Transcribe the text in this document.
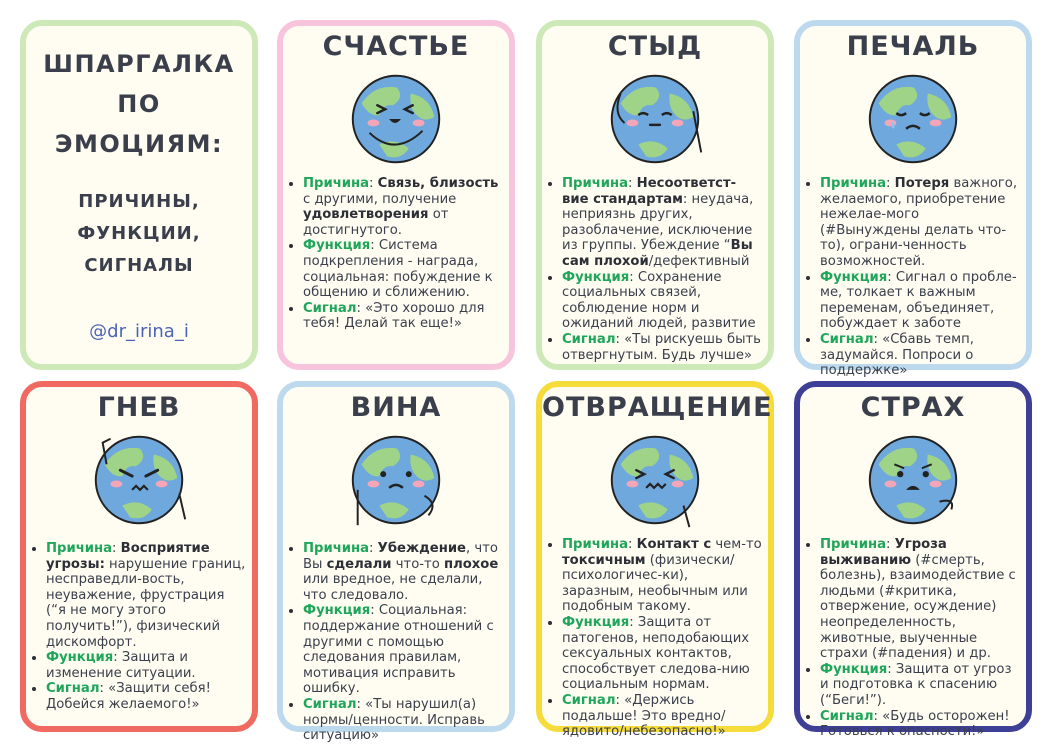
ШПАРГАЛКА
ПО
ЭМОЦИЯМ:
ПРИЧИНЫ,
ФУНКЦИИ,
СИГНАЛЫ
@dr_irina_i
СЧАСТЬЕ
• Причина: Связь, близость с другими, получение удовлетворения от достигнутого.
• Функция: Система подкрепления - награда, социальная: побуждение к общению и сближению.
• Сигнал: «Это хорошо для тебя! Делай так еще!»
СТЫД
• Причина: Несоответст-вие стандартам: неудача, неприязнь других, разоблачение, исключение из группы. Убеждение “Вы сам плохой/дефективный
• Функция: Сохранение социальных связей, соблюдение норм и ожиданий людей, развитие
• Сигнал: «Ты рискуешь быть отвергнутым. Будь лучше»
ПЕЧАЛЬ
• Причина: Потеря важного, желаемого, приобретение нежелае-мого (#Вынуждены делать что-то), ограни-ченность возможностей.
• Функция: Сигнал о пробле-ме, толкает к важным переменам, объединяет, побуждает к заботе
• Сигнал: «Сбавь темп, задумайся. Попроси о поддержке»
ГНЕВ
• Причина: Восприятие угрозы: нарушение границ, несправедли-вость, неуважение, фрустрация (“я не могу этого получить!”), физический дискомфорт.
• Функция: Защита и изменение ситуации.
• Сигнал: «Защити себя! Добейся желаемого!»
ВИНА
• Причина: Убеждение, что Вы сделали что-то плохое или вредное, не сделали, что следовало.
• Функция: Социальная: поддержание отношений с другими с помощью следования правилам, мотивация исправить ошибку.
• Сигнал: «Ты нарушил(а) нормы/ценности. Исправь ситуацию»
ОТВРАЩЕНИЕ
• Причина: Контакт с чем-то токсичным (физически/психологичес-ки), заразным, необычным или подобным такому.
• Функция: Защита от патогенов, неподобающих сексуальных контактов, способствует следова-нию социальным нормам.
• Сигнал: «Держись подальше! Это вредно/ядовито/небезопасно!»
СТРАХ
• Причина: Угроза выживанию (#смерть, болезнь), взаимодействие с людьми (#критика, отвержение, осуждение) неопределенность, животные, выученные страхи (#падения) и др.
• Функция: Защита от угроз и подготовка к спасению (“Беги!”).
• Сигнал: «Будь осторожен! Готовься к опасности!»
